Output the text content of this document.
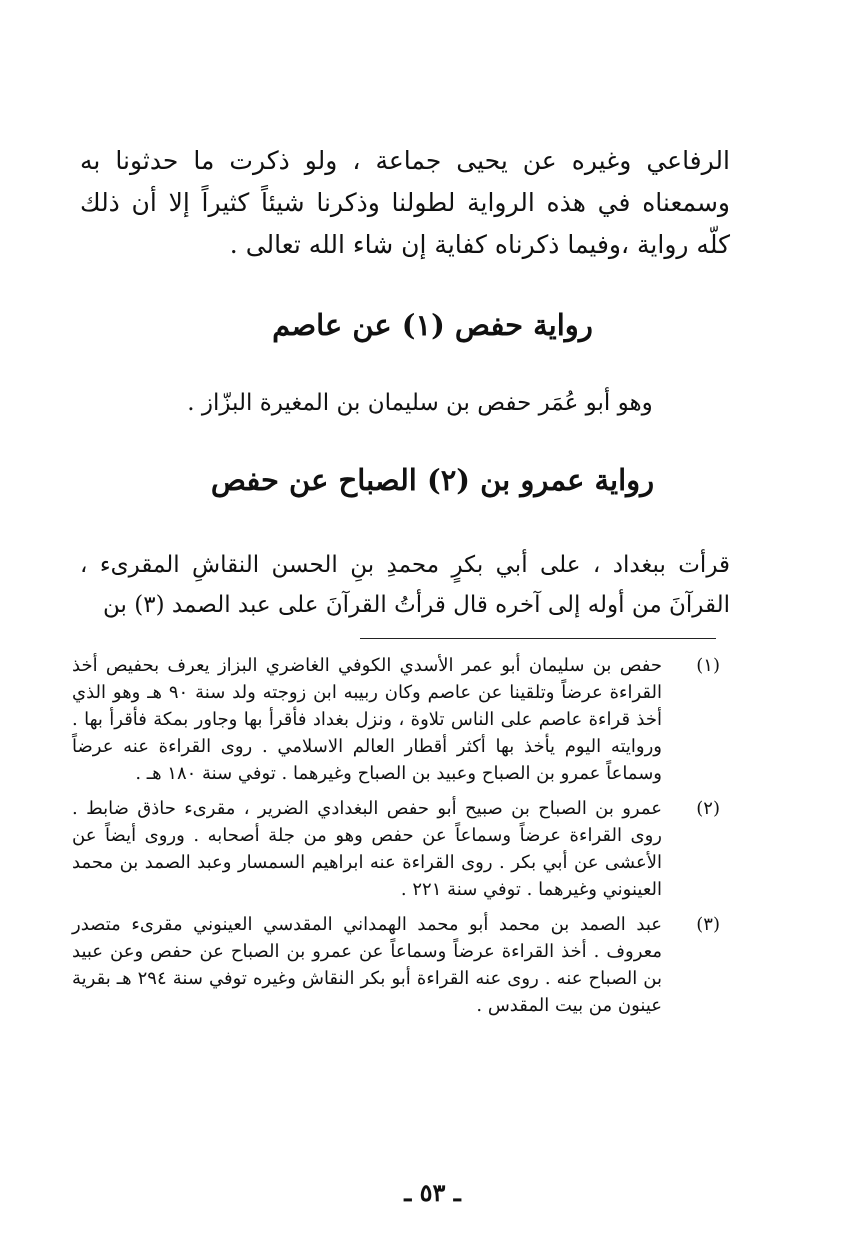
الرفاعي وغيره عن يحيى جماعة ، ولو ذكرت ما حدثونا به وسمعناه في هذه الرواية لطولنا وذكرنا شيئاً كثيراً إلا أن ذلك كلّه رواية ،وفيما ذكرناه كفاية إن شاء الله تعالى .

رواية حفص (١) عن عاصم
وهو أبو عُمَر حفص بن سليمان بن المغيرة البزّاز .
رواية عمرو بن (٢) الصباح عن حفص

قرأت ببغداد ، على أبي بكرٍ محمدِ بنِ الحسن النقاشِ المقرىء ، القرآنَ من أوله إلى آخره قال قرأتُ القرآنَ على عبد الصمد (٣) بن

(١)
حفص بن سليمان أبو عمر الأسدي الكوفي الغاضري البزاز يعرف بحفيص أخذ القراءة عرضاً وتلقينا عن عاصم وكان ربيبه ابن زوجته ولد سنة ٩٠ هـ وهو الذي أخذ قراءة عاصم على الناس تلاوة ، ونزل بغداد فأقرأ بها وجاور بمكة فأقرأ بها . وروايته اليوم يأخذ بها أكثر أقطار العالم الاسلامي . روى القراءة عنه عرضاً وسماعاً عمرو بن الصباح وعبيد بن الصباح وغيرهما . توفي سنة ١٨٠ هـ .
(٢)
عمرو بن الصباح بن صبيح أبو حفص البغدادي الضرير ، مقرىء حاذق ضابط . روى القراءة عرضاً وسماعاً عن حفص وهو من جلة أصحابه . وروى أيضاً عن الأعشى عن أبي بكر . روى القراءة عنه ابراهيم السمسار وعبد الصمد بن محمد العينوني وغيرهما . توفي سنة ٢٢١ .
(٣)
عبد الصمد بن محمد أبو محمد الهمداني المقدسي العينوني مقرىء متصدر معروف . أخذ القراءة عرضاً وسماعاً عن عمرو بن الصباح عن حفص وعن عبيد بن الصباح عنه . روى عنه القراءة أبو بكر النقاش وغيره توفي سنة ٢٩٤ هـ بقرية عينون من بيت المقدس .
ـ ٥٣ ـ
